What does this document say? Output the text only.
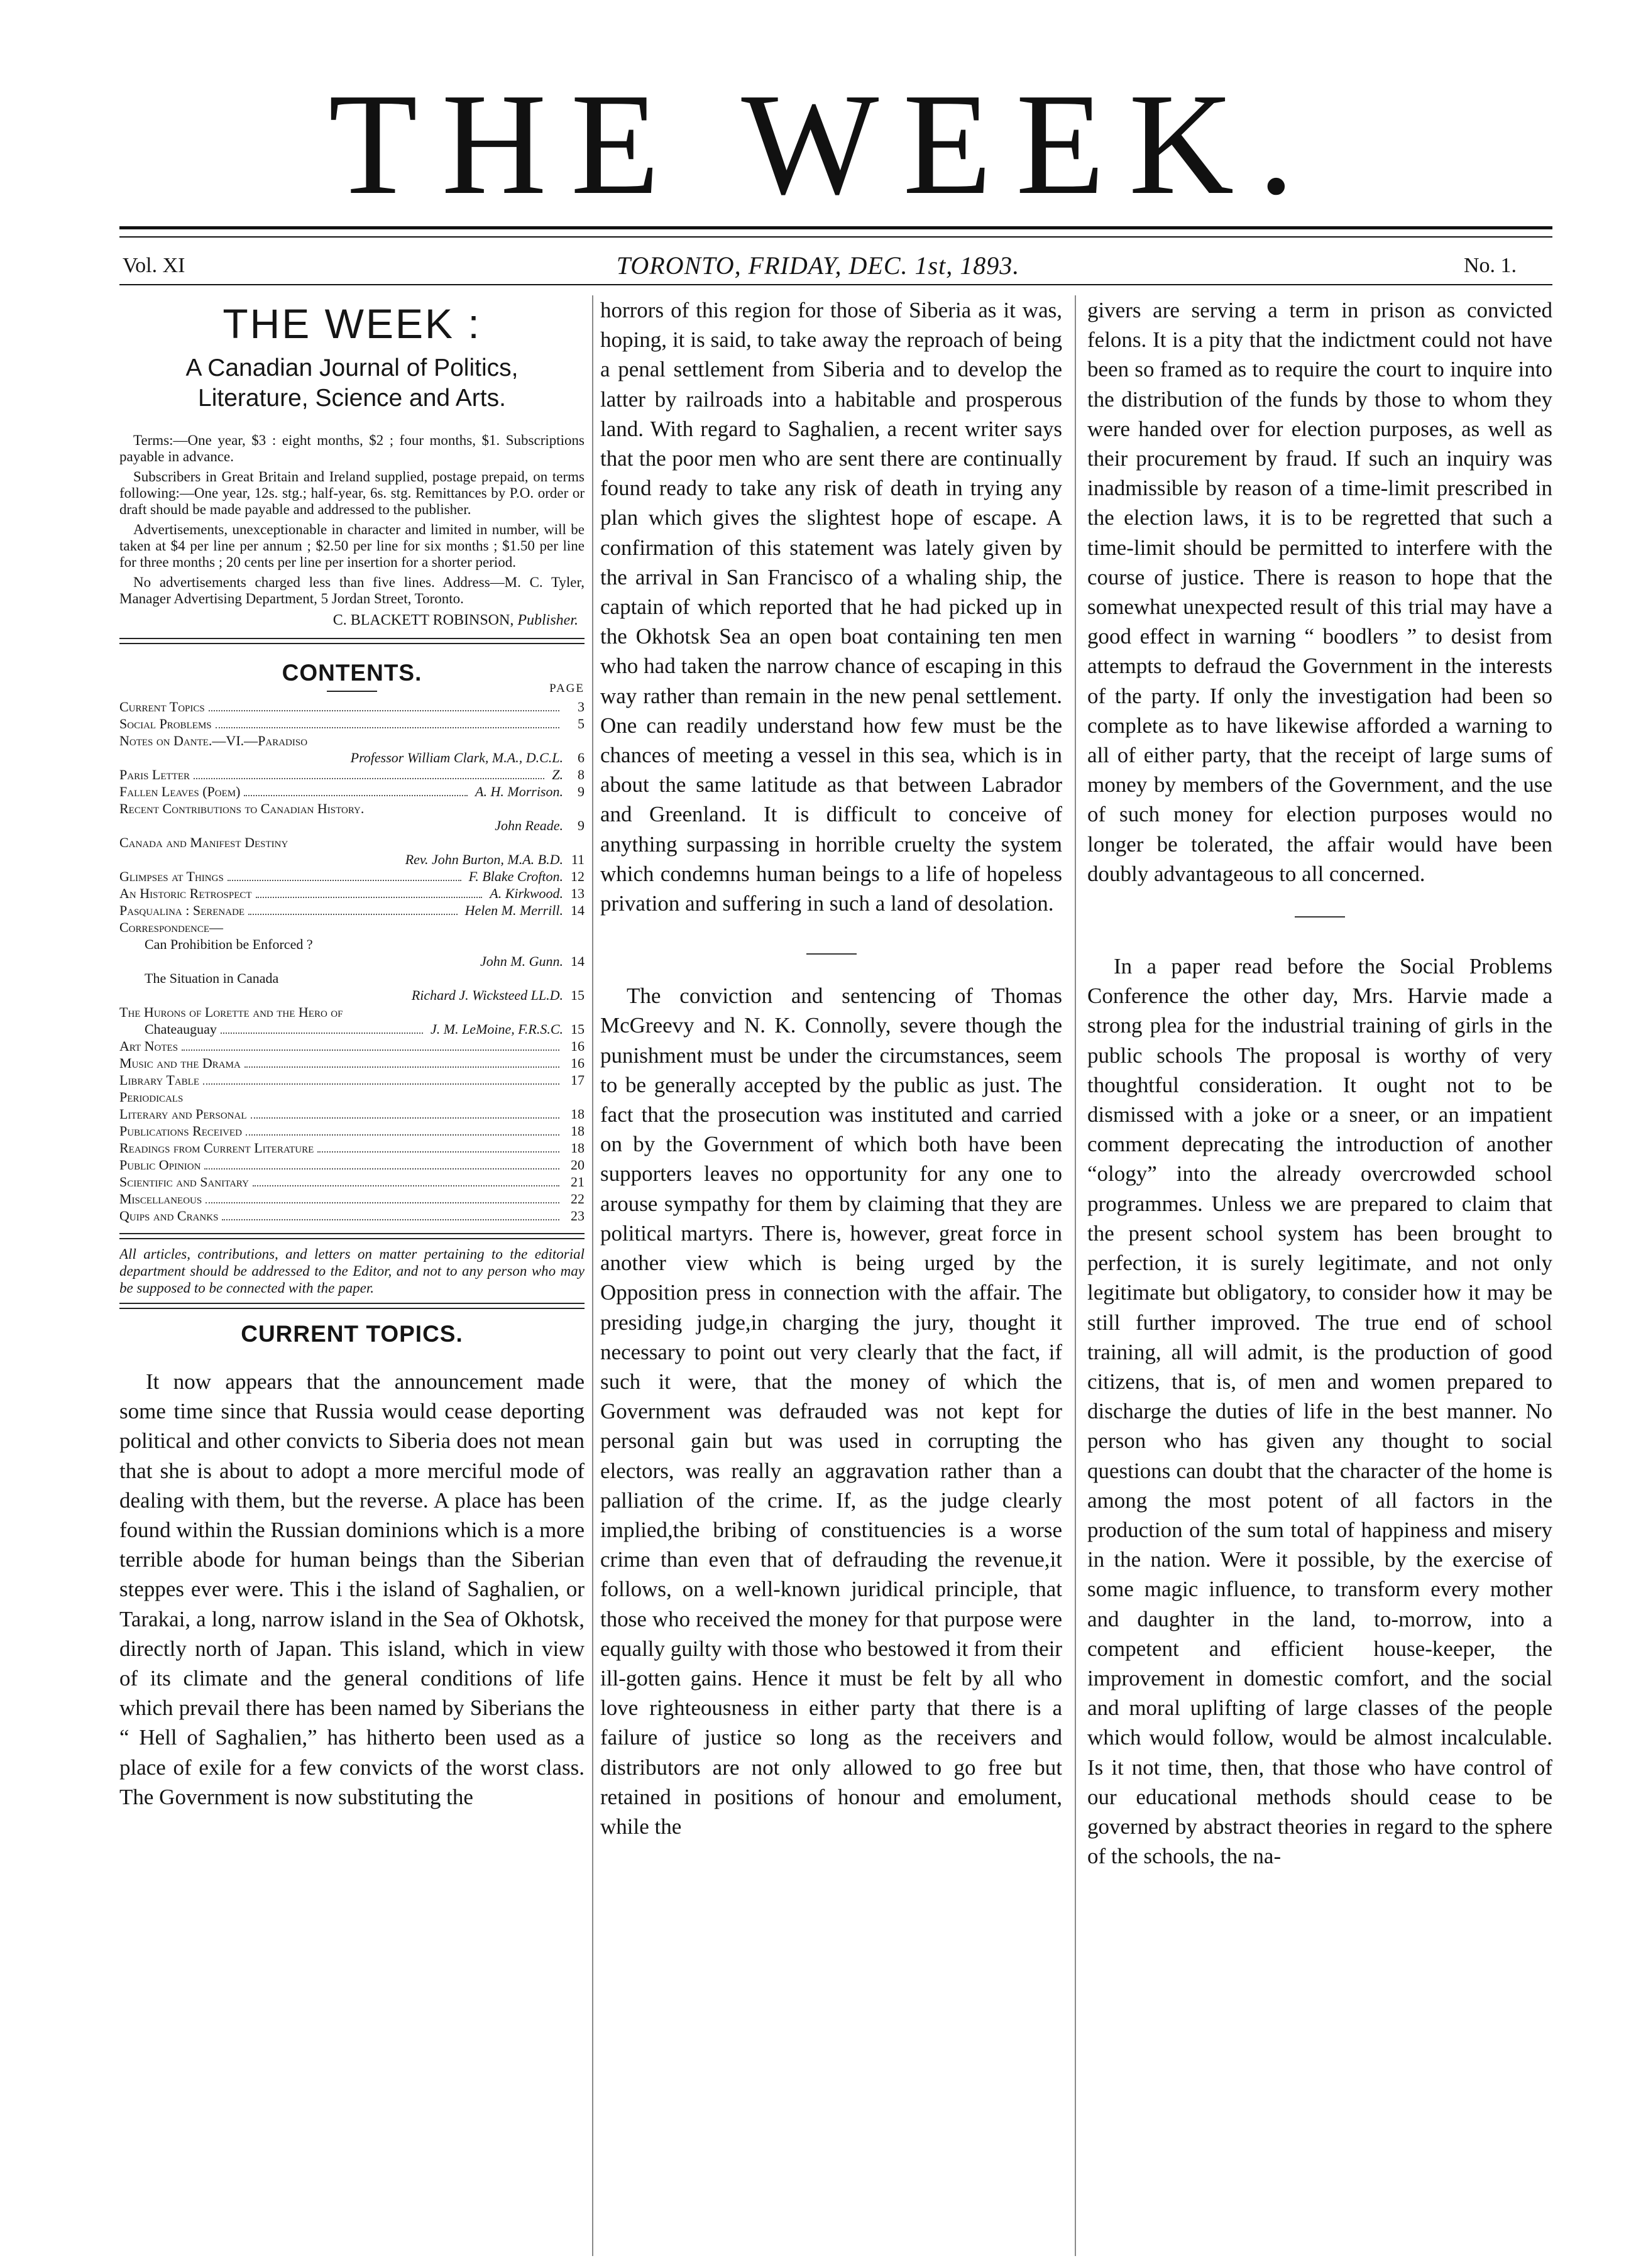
THE WEEK.
TORONTO, FRIDAY, DEC. 1st, 1893.
Vol. XI	No. 1.
THE WEEK :
A Canadian Journal of Politics,
Literature, Science and Arts.

Terms:—One year, $3 : eight months, $2 ; four months, $1. Subscriptions payable in advance.

Subscribers in Great Britain and Ireland supplied, postage prepaid, on terms following:—One year, 12s. stg.; half-year, 6s. stg. Remittances by P.O. order or draft should be made payable and addressed to the publisher.

Advertisements, unexceptionable in character and limited in number, will be taken at $4 per line per annum ; $2.50 per line for six months ; $1.50 per line for three months ; 20 cents per line per insertion for a shorter period.

No advertisements charged less than five lines. Address—M. C. Tyler, Manager Advertising Department, 5 Jordan Street, Toronto.

C. BLACKETT ROBINSON, Publisher.
CONTENTS.
PAGE
Current Topics	3
Social Problems	5
Notes on Dante.—VI.—Paradiso
Professor William Clark, M.A., D.C.L.	6
Paris Letter	Z.	8
Fallen Leaves (Poem)	A. H. Morrison.	9
Recent Contributions to Canadian History.
John Reade.	9
Canada and Manifest Destiny
Rev. John Burton, M.A. B.D. 11
Glimpses at Things	F. Blake Crofton. 12
An Historic Retrospect	A. Kirkwood. 13
Pasqualina : Serenade	Helen M. Merrill. 14
Correspondence—
Can Prohibition be Enforced ?
John M. Gunn. 14
The Situation in Canada
Richard J. Wicksteed LL.D. 15
The Hurons of Lorette and the Hero of
Chateauguay	J. M. LeMoine, F.R.S.C. 15
Art Notes	16
Music and the Drama	16
Library Table	17
Periodicals
Literary and Personal	18
Publications Received	18
Readings from Current Literature	18
Public Opinion	20
Scientific and Sanitary	21
Miscellaneous	22
Quips and Cranks	23

All articles, contributions, and letters on matter pertaining to the editorial department should be addressed to the Editor, and not to any person who may be supposed to be connected with the paper.

CURRENT TOPICS.

It now appears that the announcement made some time since that Russia would cease deporting political and other convicts to Siberia does not mean that she is about to adopt a more merciful mode of dealing with them, but the reverse. A place has been found within the Russian dominions which is a more terrible abode for human beings than the Siberian steppes ever were. This i the island of Saghalien, or Tarakai, a long, narrow island in the Sea of Okhotsk, directly north of Japan. This island, which in view of its climate and the general conditions of life which prevail there has been named by Siberians the “ Hell of Saghalien,” has hitherto been used as a place of exile for a few convicts of the worst class. The Government is now substituting the

horrors of this region for those of Siberia as it was, hoping, it is said, to take away the reproach of being a penal settlement from Siberia and to develop the latter by railroads into a habitable and prosperous land. With regard to Saghalien, a recent writer says that the poor men who are sent there are continually found ready to take any risk of death in trying any plan which gives the slightest hope of escape. A confirmation of this statement was lately given by the arrival in San Francisco of a whaling ship, the captain of which reported that he had picked up in the Okhotsk Sea an open boat containing ten men who had taken the narrow chance of escaping in this way rather than remain in the new penal settlement. One can readily understand how few must be the chances of meeting a vessel in this sea, which is in about the same latitude as that between Labrador and Greenland. It is difficult to conceive of anything surpassing in horrible cruelty the system which condemns human beings to a life of hopeless privation and suffering in such a land of desolation.

The conviction and sentencing of Thomas McGreevy and N. K. Connolly, severe though the punishment must be under the circumstances, seem to be generally accepted by the public as just. The fact that the prosecution was instituted and carried on by the Government of which both have been supporters leaves no opportunity for any one to arouse sympathy for them by claiming that they are political martyrs. There is, however, great force in another view which is being urged by the Opposition press in connection with the affair. The presiding judge,in charging the jury, thought it necessary to point out very clearly that the fact, if such it were, that the money of which the Government was defrauded was not kept for personal gain but was used in corrupting the electors, was really an aggravation rather than a palliation of the crime. If, as the judge clearly implied,the bribing of constituencies is a worse crime than even that of defrauding the revenue,it follows, on a well-known juridical principle, that those who received the money for that purpose were equally guilty with those who bestowed it from their ill-gotten gains. Hence it must be felt by all who love righteousness in either party that there is a failure of justice so long as the receivers and distributors are not only allowed to go free but retained in positions of honour and emolument, while the

givers are serving a term in prison as convicted felons. It is a pity that the indictment could not have been so framed as to require the court to inquire into the distribution of the funds by those to whom they were handed over for election purposes, as well as their procurement by fraud. If such an inquiry was inadmissible by reason of a time-limit prescribed in the election laws, it is to be regretted that such a time-limit should be permitted to interfere with the course of justice. There is reason to hope that the somewhat unexpected result of this trial may have a good effect in warning “ boodlers ” to desist from attempts to defraud the Government in the interests of the party. If only the investigation had been so complete as to have likewise afforded a warning to all of either party, that the receipt of large sums of money by members of the Government, and the use of such money for election purposes would no longer be tolerated, the affair would have been doubly advantageous to all concerned.

In a paper read before the Social Problems Conference the other day, Mrs. Harvie made a strong plea for the industrial training of girls in the public schools The proposal is worthy of very thoughtful consideration. It ought not to be dismissed with a joke or a sneer, or an impatient comment deprecating the introduction of another “ology” into the already overcrowded school programmes. Unless we are prepared to claim that the present school system has been brought to perfection, it is surely legitimate, and not only legitimate but obligatory, to consider how it may be still further improved. The true end of school training, all will admit, is the production of good citizens, that is, of men and women prepared to discharge the duties of life in the best manner. No person who has given any thought to social questions can doubt that the character of the home is among the most potent of all factors in the production of the sum total of happiness and misery in the nation. Were it possible, by the exercise of some magic influence, to transform every mother and daughter in the land, to-morrow, into a competent and efficient house-keeper, the improvement in domestic comfort, and the social and moral uplifting of large classes of the people which would follow, would be almost incalculable. Is it not time, then, that those who have control of our educational methods should cease to be governed by abstract theories in regard to the sphere of the schools, the na-
